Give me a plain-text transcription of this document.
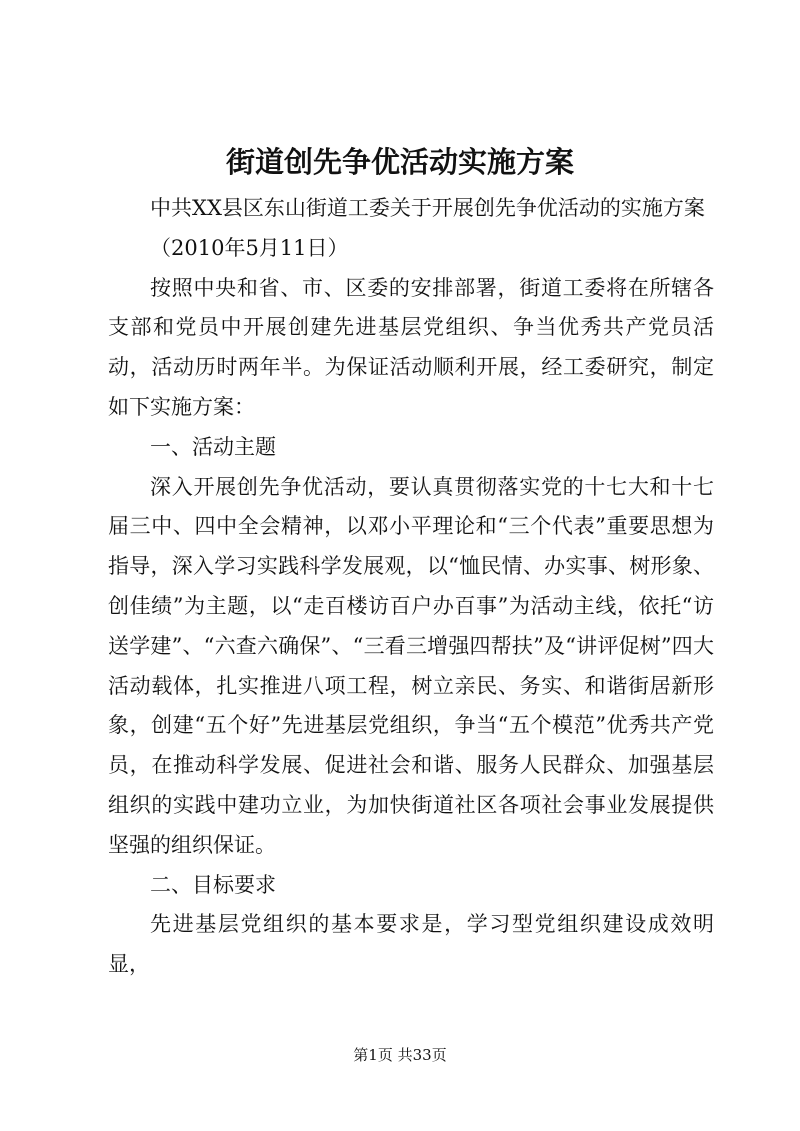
街道创先争优活动实施方案

中共XX县区东山街道工委关于开展创先争优活动的实施方案

（2010年5月11日）

按照中央和省、市、区委的安排部署，街道工委将在所辖各支部和党员中开展创建先进基层党组织、争当优秀共产党员活动，活动历时两年半。为保证活动顺利开展，经工委研究，制定如下实施方案：

一、活动主题

深入开展创先争优活动，要认真贯彻落实党的十七大和十七届三中、四中全会精神，以邓小平理论和“三个代表”重要思想为指导，深入学习实践科学发展观，以“恤民情、办实事、树形象、创佳绩”为主题，以“走百楼访百户办百事”为活动主线，依托“访送学建”、“六查六确保”、“三看三增强四帮扶”及“讲评促树”四大活动载体，扎实推进八项工程，树立亲民、务实、和谐街居新形象，创建“五个好”先进基层党组织，争当“五个模范”优秀共产党员，在推动科学发展、促进社会和谐、服务人民群众、加强基层组织的实践中建功立业，为加快街道社区各项社会事业发展提供坚强的组织保证。

二、目标要求

先进基层党组织的基本要求是，学习型党组织建设成效明显，

第1页 共33页
